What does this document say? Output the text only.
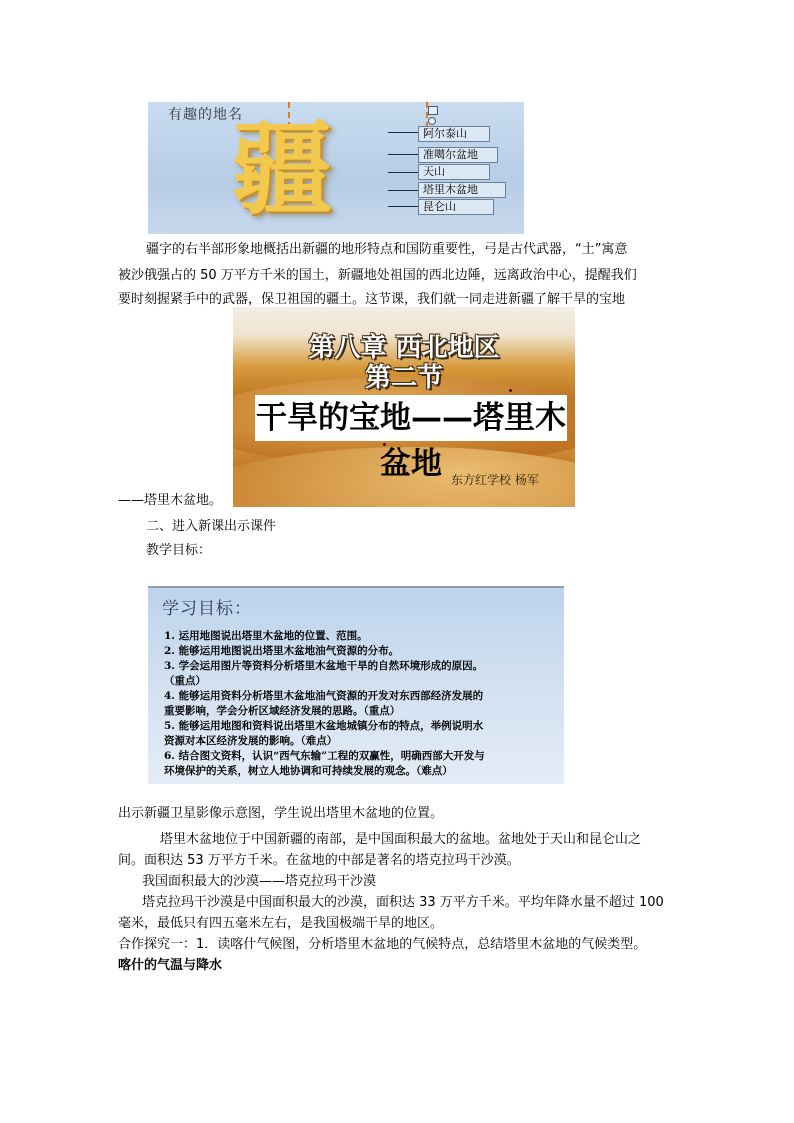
有趣的地名
疆	阿尔泰山
准噶尔盆地
天山
塔里木盆地
昆仑山
疆字的右半部形象地概括出新疆的地形特点和国防重要性，弓是古代武器，“土”寓意
被沙俄强占的 50 万平方千米的国土，新疆地处祖国的西北边陲，远离政治中心，提醒我们
要时刻握紧手中的武器，保卫祖国的疆土。这节课，我们就一同走进新疆了解干旱的宝地
第八章 西北地区
第二节
干旱的宝地——塔里木盆地 东方红学校 杨军
——塔里木盆地。
二、进入新课出示课件
教学目标：
学习目标：
1. 运用地图说出塔里木盆地的位置、范围。
2. 能够运用地图说出塔里木盆地油气资源的分布。
3. 学会运用图片等资料分析塔里木盆地干旱的自然环境形成的原因。
（重点）
4. 能够运用资料分析塔里木盆地油气资源的开发对东西部经济发展的
重要影响，学会分析区域经济发展的思路。（重点）
5. 能够运用地图和资料说出塔里木盆地城镇分布的特点，举例说明水
资源对本区经济发展的影响。（难点）
6. 结合图文资料，认识“西气东输”工程的双赢性，明确西部大开发与
环境保护的关系，树立人地协调和可持续发展的观念。（难点）
出示新疆卫星影像示意图，学生说出塔里木盆地的位置。
塔里木盆地位于中国新疆的南部，是中国面积最大的盆地。盆地处于天山和昆仑山之
间。面积达 53 万平方千米。在盆地的中部是著名的塔克拉玛干沙漠。
我国面积最大的沙漠——塔克拉玛干沙漠
塔克拉玛干沙漠是中国面积最大的沙漠，面积达 33 万平方千米。平均年降水量不超过 100
毫米，最低只有四五毫米左右，是我国极端干旱的地区。
合作探究一：1．读喀什气候图，分析塔里木盆地的气候特点，总结塔里木盆地的气候类型。
喀什的气温与降水
